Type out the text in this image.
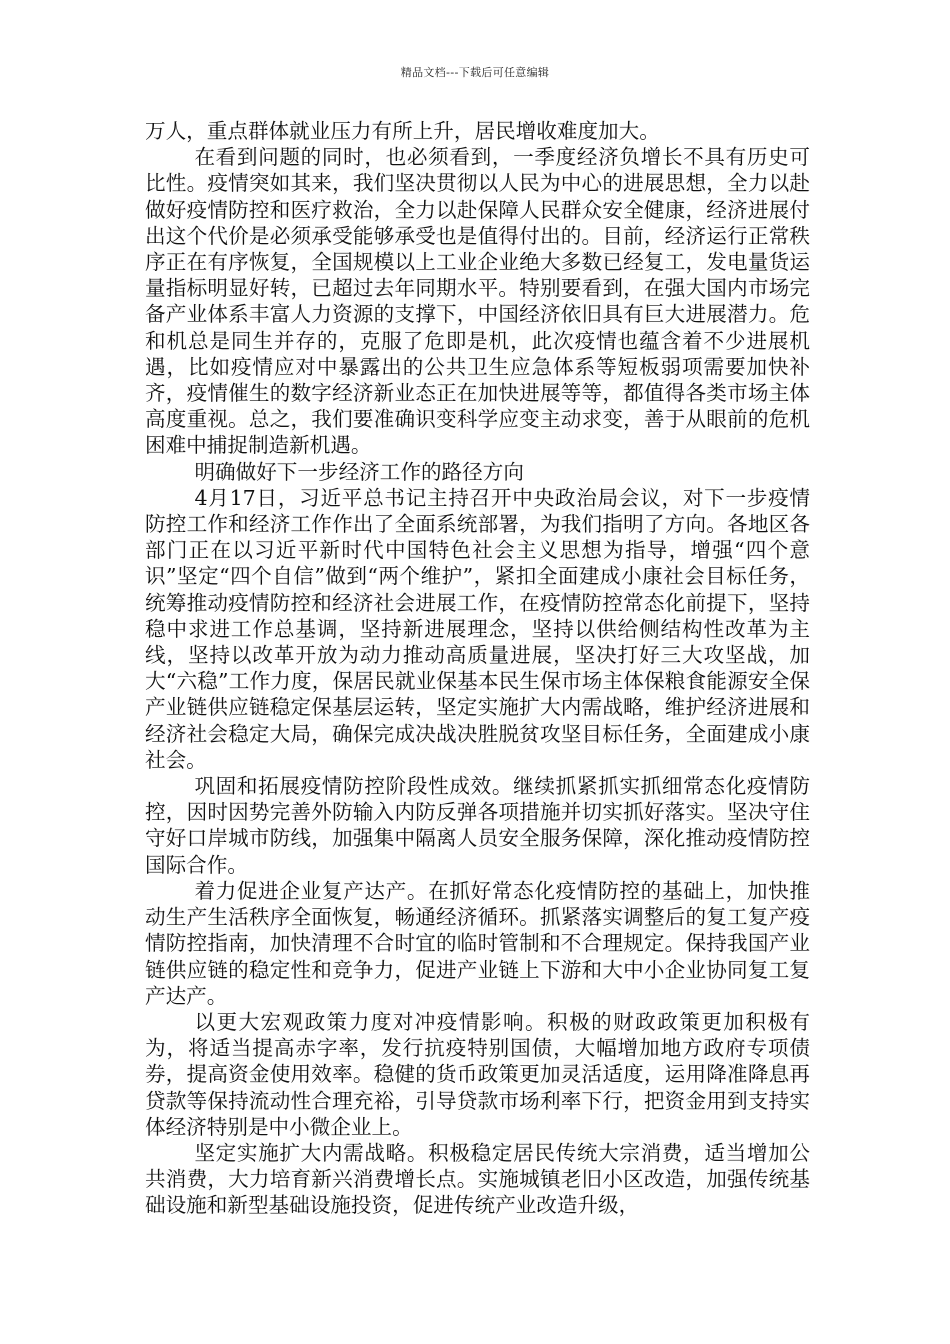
精品文档---下载后可任意编辑

万人，重点群体就业压力有所上升，居民增收难度加大。

在看到问题的同时，也必须看到，一季度经济负增长不具有历史可比性。疫情突如其来，我们坚决贯彻以人民为中心的进展思想，全力以赴做好疫情防控和医疗救治，全力以赴保障人民群众安全健康，经济进展付出这个代价是必须承受能够承受也是值得付出的。目前，经济运行正常秩序正在有序恢复，全国规模以上工业企业绝大多数已经复工，发电量货运量指标明显好转，已超过去年同期水平。特别要看到，在强大国内市场完备产业体系丰富人力资源的支撑下，中国经济依旧具有巨大进展潜力。危和机总是同生并存的，克服了危即是机，此次疫情也蕴含着不少进展机遇，比如疫情应对中暴露出的公共卫生应急体系等短板弱项需要加快补齐，疫情催生的数字经济新业态正在加快进展等等，都值得各类市场主体高度重视。总之，我们要准确识变科学应变主动求变，善于从眼前的危机困难中捕捉制造新机遇。

明确做好下一步经济工作的路径方向

4月17日，习近平总书记主持召开中央政治局会议，对下一步疫情防控工作和经济工作作出了全面系统部署，为我们指明了方向。各地区各部门正在以习近平新时代中国特色社会主义思想为指导，增强“四个意识”坚定“四个自信”做到“两个维护”，紧扣全面建成小康社会目标任务，统筹推动疫情防控和经济社会进展工作，在疫情防控常态化前提下，坚持稳中求进工作总基调，坚持新进展理念，坚持以供给侧结构性改革为主线，坚持以改革开放为动力推动高质量进展，坚决打好三大攻坚战，加大“六稳”工作力度，保居民就业保基本民生保市场主体保粮食能源安全保产业链供应链稳定保基层运转，坚定实施扩大内需战略，维护经济进展和经济社会稳定大局，确保完成决战决胜脱贫攻坚目标任务，全面建成小康社会。

巩固和拓展疫情防控阶段性成效。继续抓紧抓实抓细常态化疫情防控，因时因势完善外防输入内防反弹各项措施并切实抓好落实。坚决守住守好口岸城市防线，加强集中隔离人员安全服务保障，深化推动疫情防控国际合作。

着力促进企业复产达产。在抓好常态化疫情防控的基础上，加快推动生产生活秩序全面恢复，畅通经济循环。抓紧落实调整后的复工复产疫情防控指南，加快清理不合时宜的临时管制和不合理规定。保持我国产业链供应链的稳定性和竞争力，促进产业链上下游和大中小企业协同复工复产达产。

以更大宏观政策力度对冲疫情影响。积极的财政政策更加积极有为，将适当提高赤字率，发行抗疫特别国债，大幅增加地方政府专项债券，提高资金使用效率。稳健的货币政策更加灵活适度，运用降准降息再贷款等保持流动性合理充裕，引导贷款市场利率下行，把资金用到支持实体经济特别是中小微企业上。

坚定实施扩大内需战略。积极稳定居民传统大宗消费，适当增加公共消费，大力培育新兴消费增长点。实施城镇老旧小区改造，加强传统基础设施和新型基础设施投资，促进传统产业改造升级，
